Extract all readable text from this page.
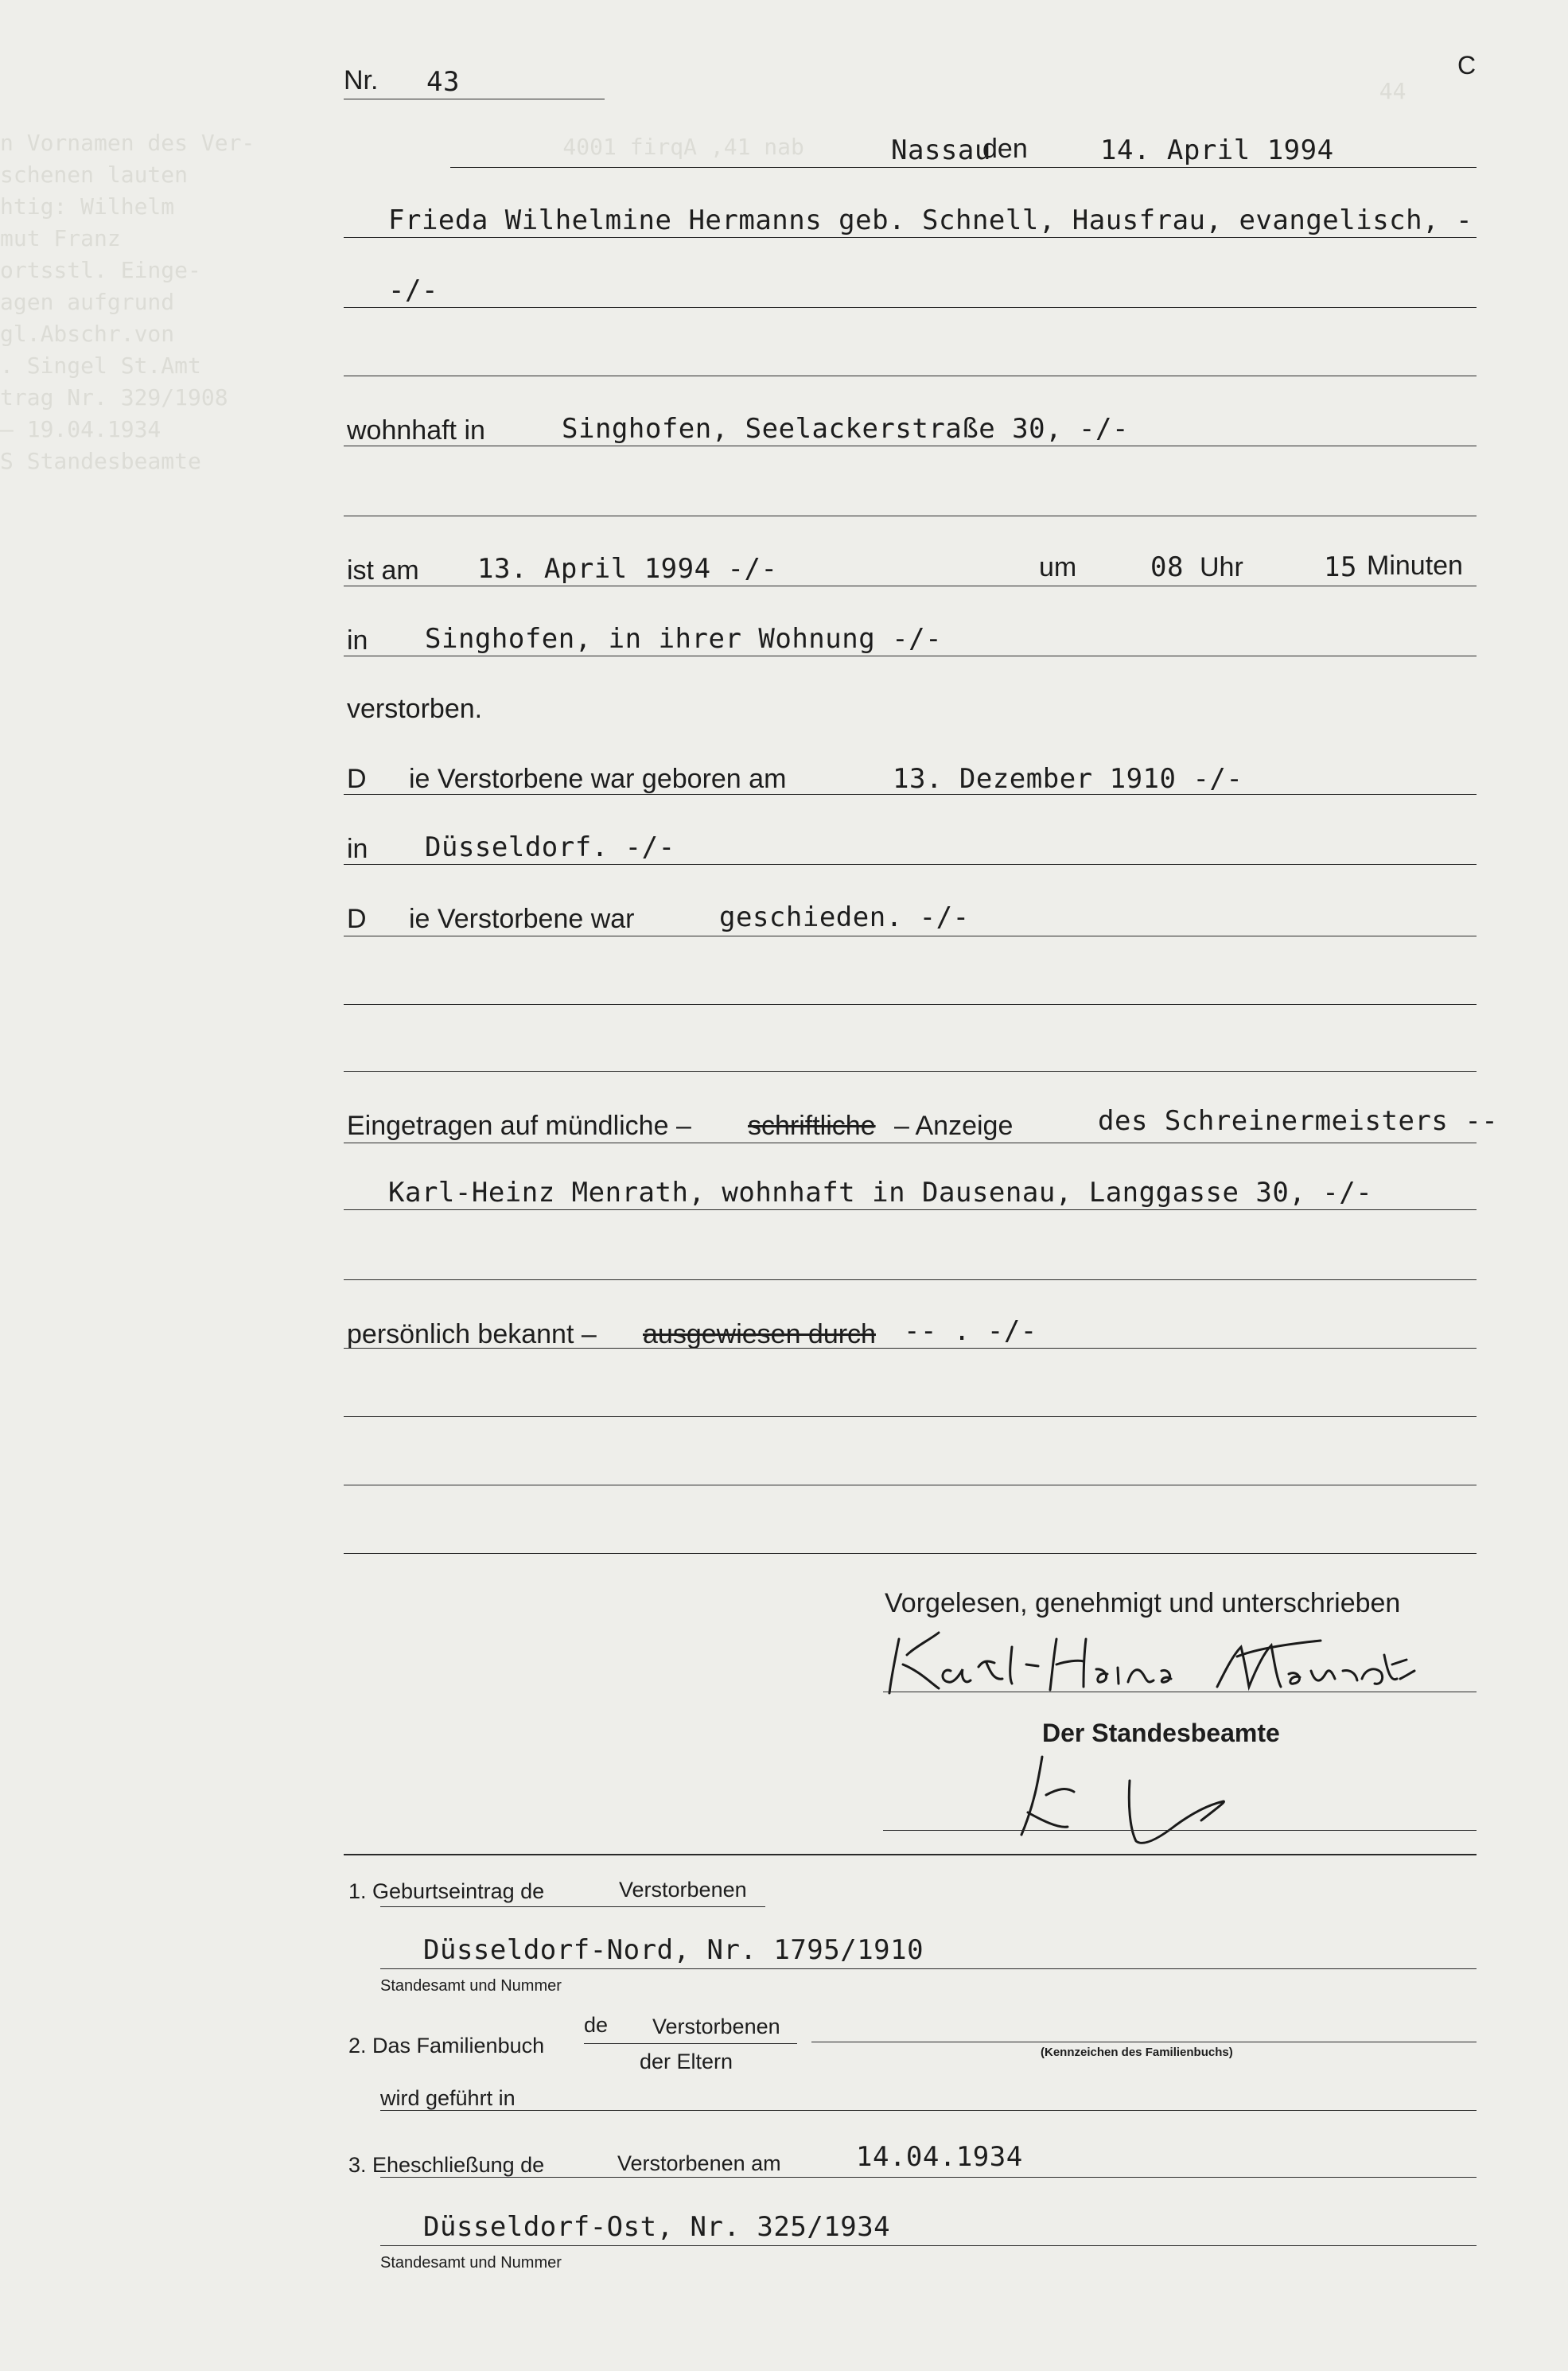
n Vornamen des Ver-
schenen lauten
htig: Wilhelm
mut Franz
ortsstl. Einge-
agen aufgrund
gl.Abschr.von
. Singel St.Amt
trag Nr. 329/1908
— 19.04.1934
S Standesbeamte
4001 firqA ,41 nab
44

C
Nr. 43
Nassau
den	14. April 1994
Frieda Wilhelmine Hermanns geb. Schnell, Hausfrau, evangelisch, -
-/-
wohnhaft in	Singhofen, Seelackerstraße 30, -/-
ist am 13. April 1994 -/-	um	08 Uhr	15 Minuten
in Singhofen, in ihrer Wohnung -/-
verstorben.
D ie Verstorbene war geboren am	13. Dezember 1910 -/-
in Düsseldorf. -/-
D ie Verstorbene war	geschieden. -/-
Eingetragen auf mündliche – schriftliche – Anzeige	des Schreinermeisters --
Karl-Heinz Menrath, wohnhaft in Dausenau, Langgasse 30, -/-
persönlich bekannt – ausgewiesen durch -- . -/-
Vorgelesen, genehmigt und unterschrieben
Karl-Heinz Menrath
Der Standesbeamte
1. Geburtseintrag de	Verstorbenen
Düsseldorf-Nord, Nr. 1795/1910
Standesamt und Nummer
2. Das Familienbuch
de Verstorbenen
der Eltern	(Kennzeichen des Familienbuchs)
wird geführt in
3. Eheschließung de	Verstorbenen am	14.04.1934
Düsseldorf-Ost, Nr. 325/1934
Standesamt und Nummer
